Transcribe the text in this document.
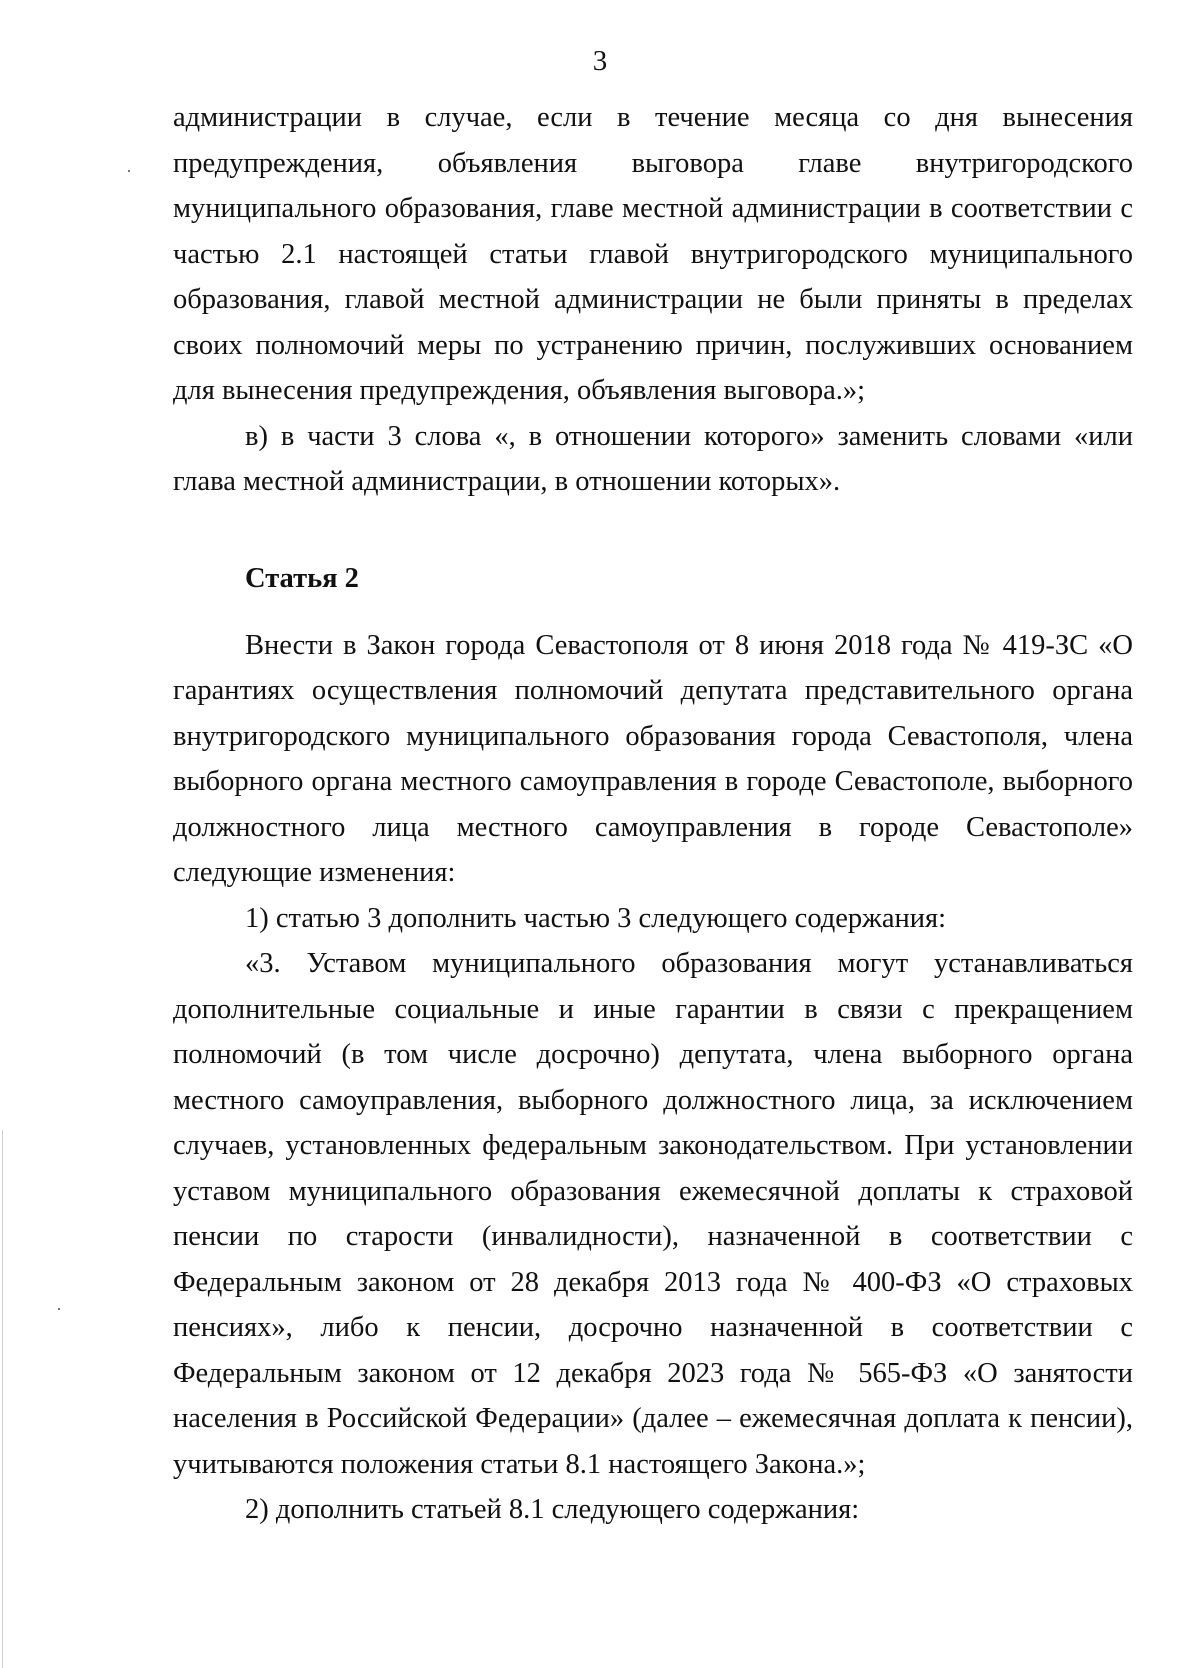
3

администрации в случае, если в течение месяца со дня вынесения предупреждения, объявления выговора главе внутригородского муниципального образования, главе местной администрации в соответствии с частью 2.1 настоящей статьи главой внутригородского муниципального образования, главой местной администрации не были приняты в пределах своих полномочий меры по устранению причин, послуживших основанием для вынесения предупреждения, объявления выговора.»;

в) в части 3 слова «, в отношении которого» заменить словами «или глава местной администрации, в отношении которых».

Статья 2

Внести в Закон города Севастополя от 8 июня 2018 года № 419-ЗС «О гарантиях осуществления полномочий депутата представительного органа внутригородского муниципального образования города Севастополя, члена выборного органа местного самоуправления в городе Севастополе, выборного должностного лица местного самоуправления в городе Севастополе» следующие изменения:

1) статью 3 дополнить частью 3 следующего содержания:

«3. Уставом муниципального образования могут устанавливаться дополнительные социальные и иные гарантии в связи с прекращением полномочий (в том числе досрочно) депутата, члена выборного органа местного самоуправления, выборного должностного лица, за исключением случаев, установленных федеральным законодательством. При установлении уставом муниципального образования ежемесячной доплаты к страховой пенсии по старости (инвалидности), назначенной в соответствии с Федеральным законом от 28 декабря 2013 года № 400-ФЗ «О страховых пенсиях», либо к пенсии, досрочно назначенной в соответствии с Федеральным законом от 12 декабря 2023 года № 565-ФЗ «О занятости населения в Российской Федерации» (далее – ежемесячная доплата к пенсии), учитываются положения статьи 8.1 настоящего Закона.»;

2) дополнить статьей 8.1 следующего содержания:
